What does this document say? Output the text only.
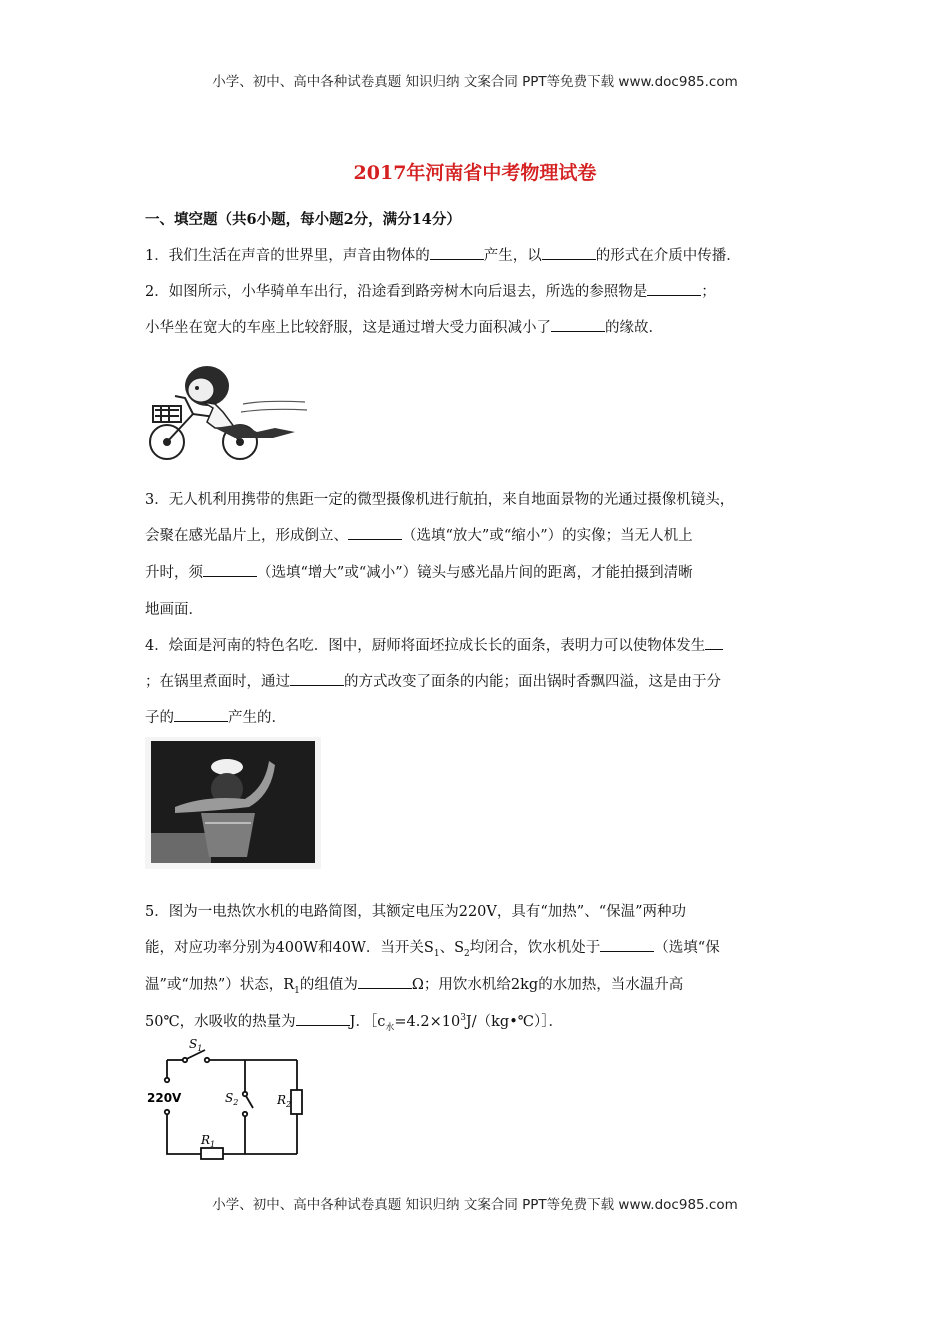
小学、初中、高中各种试卷真题 知识归纳 文案合同 PPT等免费下载 www.doc985.com
2017年河南省中考物理试卷
一、填空题（共6小题，每小题2分，满分14分）
1．我们生活在声音的世界里，声音由物体的	产生，以	的形式在介质中传播．
2．如图所示，小华骑单车出行，沿途看到路旁树木向后退去，所选的参照物是	；
小华坐在宽大的车座上比较舒服，这是通过增大受力面积减小了	的缘故．
3．无人机利用携带的焦距一定的微型摄像机进行航拍，来自地面景物的光通过摄像机镜头，
会聚在感光晶片上，形成倒立、	（选填“放大”或“缩小”）的实像；当无人机上
升时，须	（选填“增大”或“减小”）镜头与感光晶片间的距离，才能拍摄到清晰
地画面．
4．烩面是河南的特色名吃．图中，厨师将面坯拉成长长的面条，表明力可以使物体发生
；在锅里煮面时，通过	的方式改变了面条的内能；面出锅时香飘四溢，这是由于分
子的	产生的．
5．图为一电热饮水机的电路简图，其额定电压为220V，具有“加热”、“保温”两种功
能，对应功率分别为400W和40W．当开关$S_1$、$S_2$均闭合，饮水机处于	（选填“保
温”或“加热”）状态，$R_1$的组值为	Ω；用饮水机给2kg的水加热，当水温升高
50℃，水吸收的热量为	J．$[c_水=4.2\times 10^3J/(kg•℃)]$．
$S_1$
$S_2$
220V
$R_1$
$R_2$
小学、初中、高中各种试卷真题 知识归纳 文案合同 PPT等免费下载 www.doc985.com
